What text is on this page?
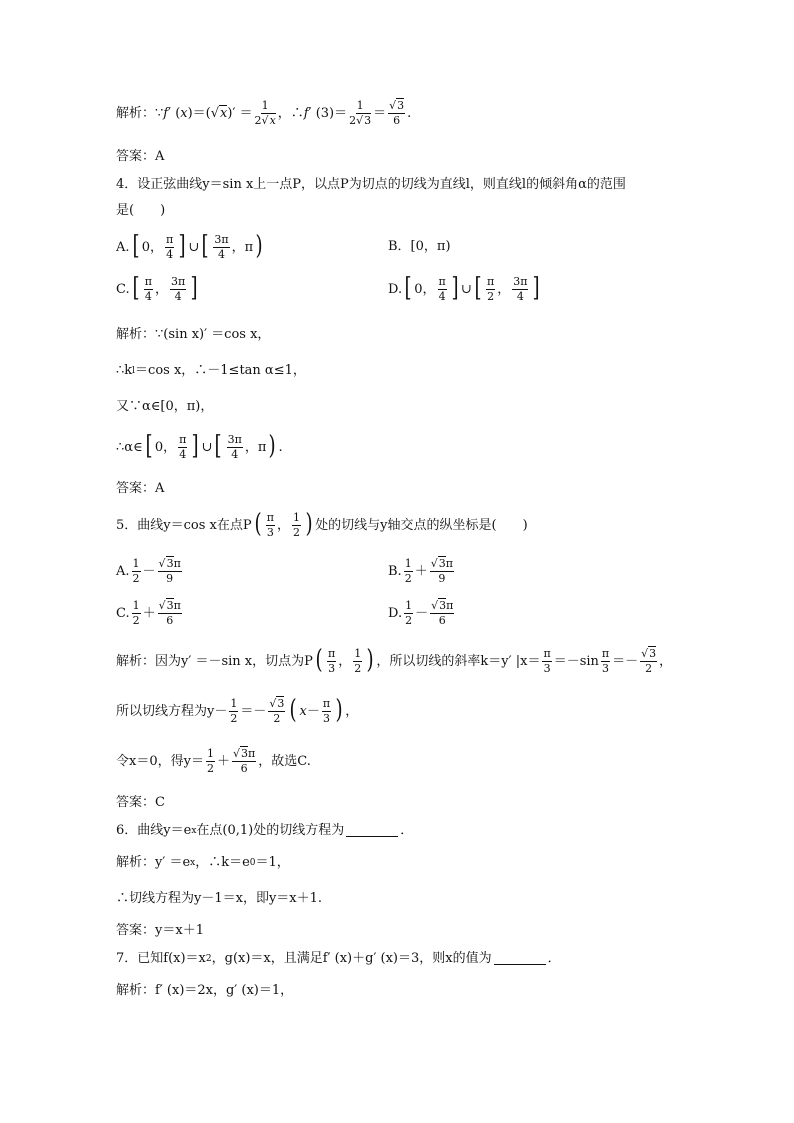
解析： ∵f′ $(x)=(√x)' = \frac{1}{2√x}$ ，∴f′ $(3)= \frac{1}{2√3} = \frac{√3}{6}$ .
答案： A
4．设正弦曲线y＝sin x上一点P，以点P为切点的切线为直线l，则直线l的倾斜角α的范围
是(　　)
A. [ 0， $\frac{\pi}{4}$ ] ∪ [ $\frac{3\pi}{4}$ ，π )	B．[0，π)
C. [ $\frac{\pi}{4}$ ， $\frac{3\pi}{4}$ ]	D. [ 0， $\frac{\pi}{4}$ ] ∪ [ $\frac{\pi}{2}$ ， $\frac{3\pi}{4}$ ]
解析： ∵(sin x)′ ＝cos x，
∴k l ＝cos x，∴－1≤tan α≤1，
又∵α∈[0，π)，
∴α∈ [ 0， $\frac{\pi}{4}$ ] ∪ [ $\frac{3\pi}{4}$ ，π ) .
答案： A
5．曲线y＝cos x在点P ( $\frac{\pi}{3}$ ， $\frac{1}{2}$ ) 处的切线与y轴交点的纵坐标是(　　)
A. $\frac{1}{2} - \frac{√3\pi}{9}$	B. $\frac{1}{2} + \frac{√3\pi}{9}$
C. $\frac{1}{2} + \frac{√3\pi}{6}$	D. $\frac{1}{2} - \frac{√3\pi}{6}$
解析： 因为y′ ＝－sin x，切点为P ( $\frac{\pi}{3}$ ， $\frac{1}{2}$ ) ，所以切线的斜率k＝y′ $|x= \frac{\pi}{3} =-\sin \frac{\pi}{3} =- \frac{√3}{2}$ ，
所以切线方程为$y- \frac{1}{2} =- \frac{√3}{2}$ ( $x - \frac{\pi}{3}$ ) ，
令x＝0，得$y= \frac{1}{2} + \frac{√3\pi}{6}$ ，故选C.
答案： C
6．曲线y＝e x 在点(0,1)处的切线方程为	．
解析： y′ ＝e x ，∴k＝e 0 ＝1，
∴切线方程为y－1＝x，即y＝x＋1.
答案： y＝x＋1
7．已知f(x)＝x 2 ，g(x)＝x，且满足f′ (x)＋g′ (x)＝3，则x的值为	．
解析： f′ (x)＝2x，g′ (x)＝1，
